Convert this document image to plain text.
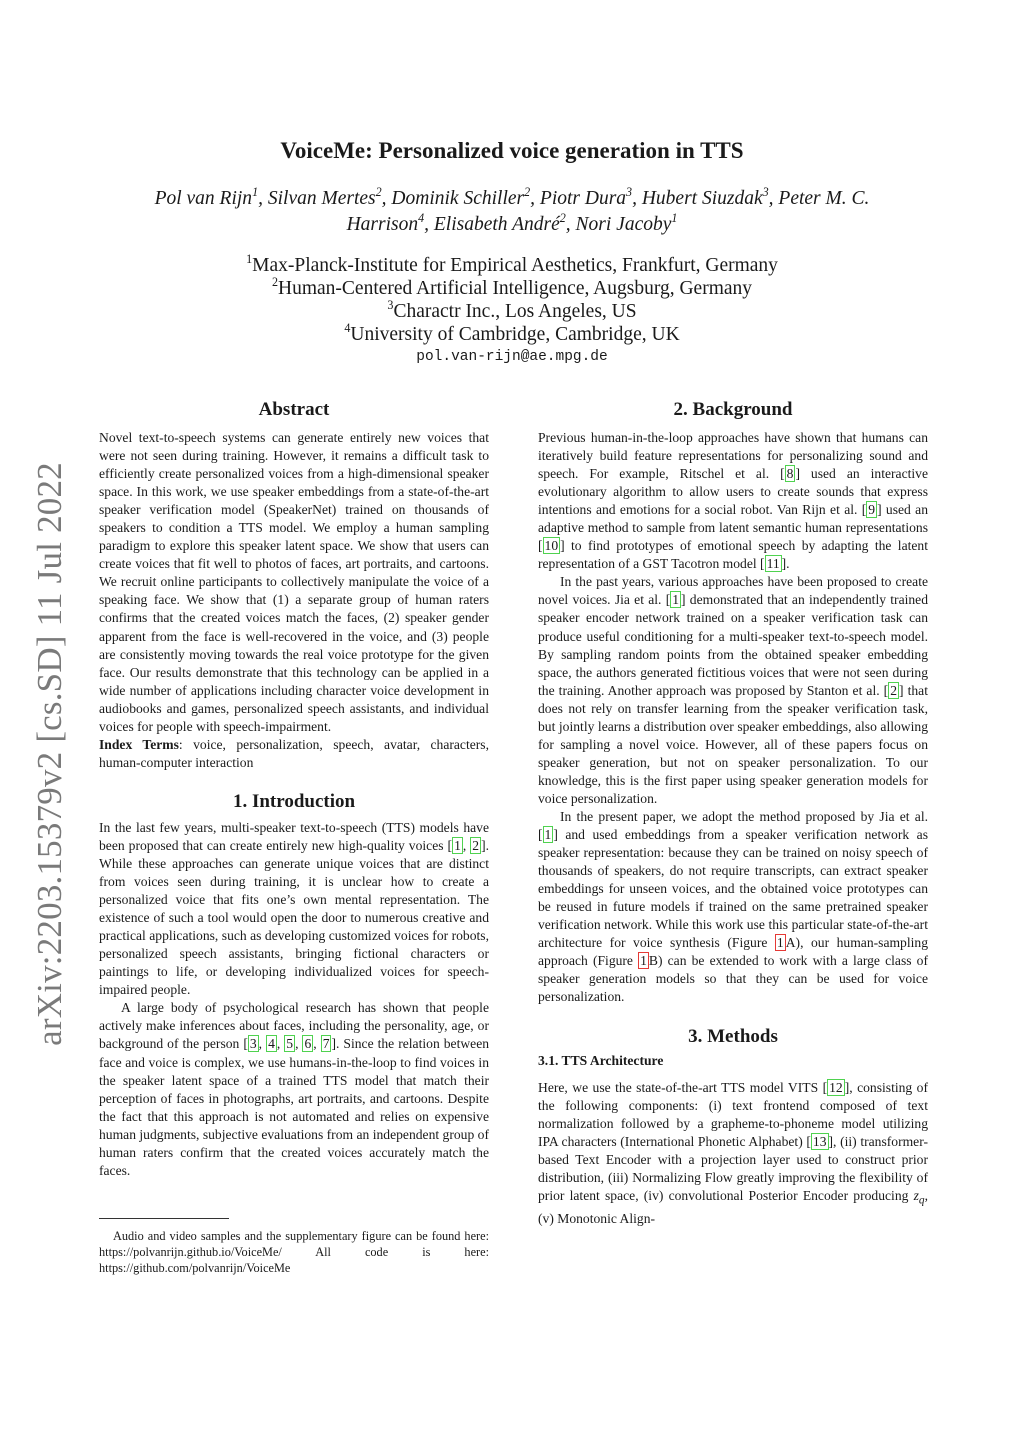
arXiv:2203.15379v2 [cs.SD] 11 Jul 2022
VoiceMe: Personalized voice generation in TTS

Pol van Rijn$^1$, Silvan Mertes$^2$, Dominik Schiller$^2$, Piotr Dura$^3$, Hubert Siuzdak$^3$, Peter M. C. Harrison$^4$, Elisabeth André$^2$, Nori Jacoby$^1$

$^1$Max-Planck-Institute for Empirical Aesthetics, Frankfurt, Germany
$^2$Human-Centered Artificial Intelligence, Augsburg, Germany
$^3$Charactr Inc., Los Angeles, US
$^4$University of Cambridge, Cambridge, UK
pol.van-rijn@ae.mpg.de
Abstract

Novel text-to-speech systems can generate entirely new voices that were not seen during training. However, it remains a difficult task to efficiently create personalized voices from a high-dimensional speaker space. In this work, we use speaker embeddings from a state-of-the-art speaker verification model (SpeakerNet) trained on thousands of speakers to condition a TTS model. We employ a human sampling paradigm to explore this speaker latent space. We show that users can create voices that fit well to photos of faces, art portraits, and cartoons. We recruit online participants to collectively manipulate the voice of a speaking face. We show that (1) a separate group of human raters confirms that the created voices match the faces, (2) speaker gender apparent from the face is well-recovered in the voice, and (3) people are consistently moving towards the real voice prototype for the given face. Our results demonstrate that this technology can be applied in a wide number of applications including character voice development in audiobooks and games, personalized speech assistants, and individual voices for people with speech-impairment.

Index Terms: voice, personalization, speech, avatar, characters, human-computer interaction

1. Introduction

In the last few years, multi-speaker text-to-speech (TTS) models have been proposed that can create entirely new high-quality voices [ 1 , 2 ]. While these approaches can generate unique voices that are distinct from voices seen during training, it is unclear how to create a personalized voice that fits one’s own mental representation. The existence of such a tool would open the door to numerous creative and practical applications, such as developing customized voices for robots, personalized speech assistants, bringing fictional characters or paintings to life, or developing individualized voices for speech-impaired people.

A large body of psychological research has shown that people actively make inferences about faces, including the personality, age, or background of the person [ 3 , 4 , 5 , 6 , 7 ]. Since the relation between face and voice is complex, we use humans-in-the-loop to find voices in the speaker latent space of a trained TTS model that match their perception of faces in photographs, art portraits, and cartoons. Despite the fact that this approach is not automated and relies on expensive human judgments, subjective evaluations from an independent group of human raters confirm that the created voices accurately match the faces.

Audio and video samples and the supplementary figure can be found here: https://polvanrijn.github.io/VoiceMe/ All code is here: https://github.com/polvanrijn/VoiceMe

2. Background

Previous human-in-the-loop approaches have shown that humans can iteratively build feature representations for personalizing sound and speech. For example, Ritschel et al. [ 8 ] used an interactive evolutionary algorithm to allow users to create sounds that express intentions and emotions for a social robot. Van Rijn et al. [ 9 ] used an adaptive method to sample from latent semantic human representations [ 10 ] to find prototypes of emotional speech by adapting the latent representation of a GST Tacotron model [ 11 ].

In the past years, various approaches have been proposed to create novel voices. Jia et al. [ 1 ] demonstrated that an independently trained speaker encoder network trained on a speaker verification task can produce useful conditioning for a multi-speaker text-to-speech model. By sampling random points from the obtained speaker embedding space, the authors generated fictitious voices that were not seen during the training. Another approach was proposed by Stanton et al. [ 2 ] that does not rely on transfer learning from the speaker verification task, but jointly learns a distribution over speaker embeddings, also allowing for sampling a novel voice. However, all of these papers focus on speaker generation, but not on speaker personalization. To our knowledge, this is the first paper using speaker generation models for voice personalization.

In the present paper, we adopt the method proposed by Jia et al. [ 1 ] and used embeddings from a speaker verification network as speaker representation: because they can be trained on noisy speech of thousands of speakers, do not require transcripts, can extract speaker embeddings for unseen voices, and the obtained voice prototypes can be reused in future models if trained on the same pretrained speaker verification network. While this work use this particular state-of-the-art architecture for voice synthesis (Figure 1 A), our human-sampling approach (Figure 1 B) can be extended to work with a large class of speaker generation models so that they can be used for voice personalization.

3. Methods
3.1. TTS Architecture

Here, we use the state-of-the-art TTS model VITS [ 12 ], consisting of the following components: (i) text frontend composed of text normalization followed by a grapheme-to-phoneme model utilizing IPA characters (International Phonetic Alphabet) [ 13 ], (ii) transformer-based Text Encoder with a projection layer used to construct prior distribution, (iii) Normalizing Flow greatly improving the flexibility of prior latent space, (iv) convolutional Posterior Encoder producing $z_q$, (v) Monotonic Align-
